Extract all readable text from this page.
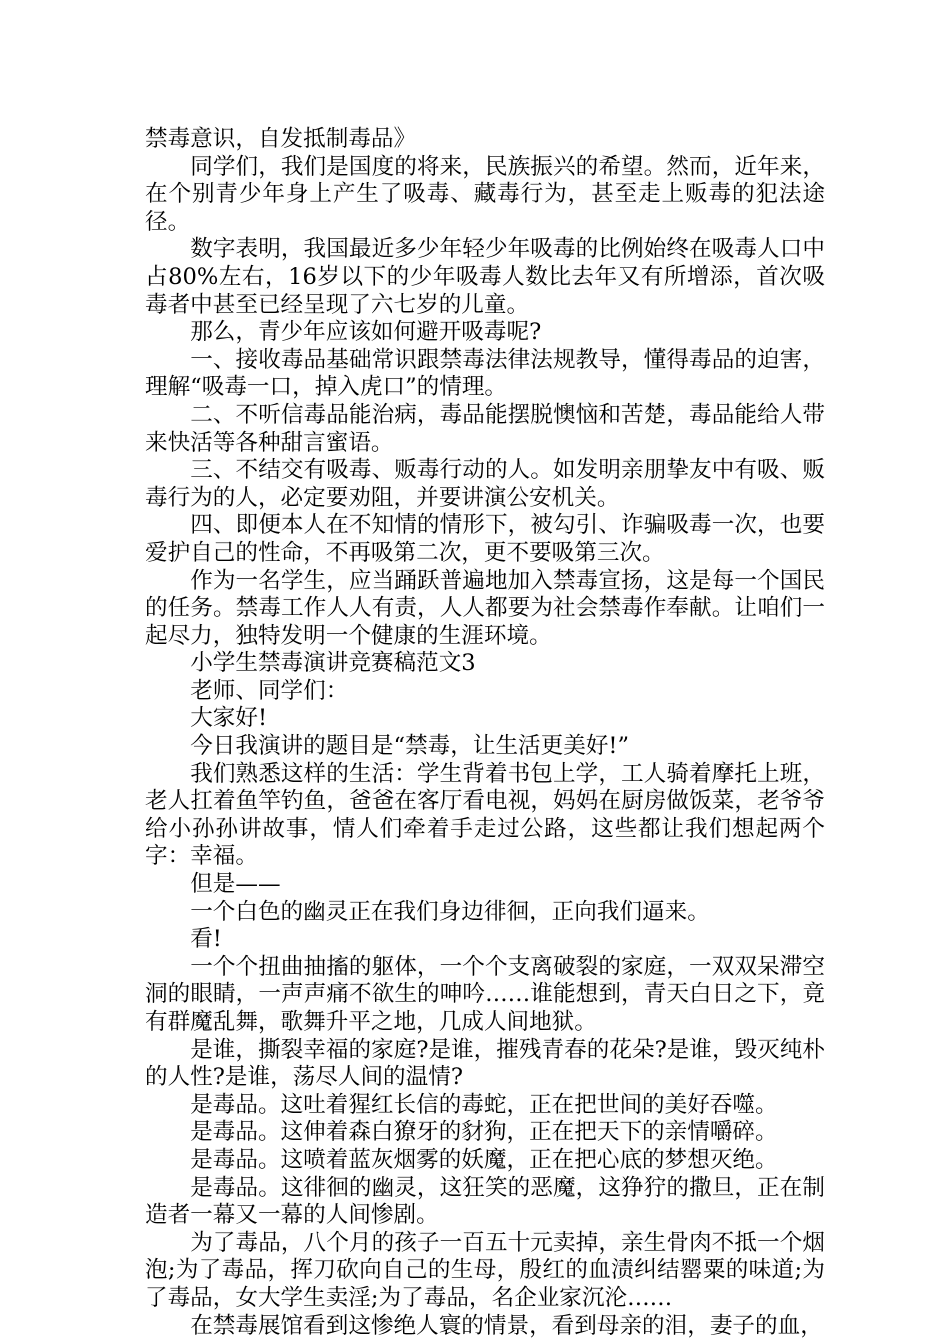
禁毒意识，自发抵制毒品》

同学们，我们是国度的将来，民族振兴的希望。然而，近年来，在个别青少年身上产生了吸毒、藏毒行为，甚至走上贩毒的犯法途径。

数字表明，我国最近多少年轻少年吸毒的比例始终在吸毒人口中占80%左右，16岁以下的少年吸毒人数比去年又有所增添，首次吸毒者中甚至已经呈现了六七岁的儿童。

那么，青少年应该如何避开吸毒呢?

一、接收毒品基础常识跟禁毒法律法规教导，懂得毒品的迫害，理解“吸毒一口，掉入虎口”的情理。

二、不听信毒品能治病，毒品能摆脱懊恼和苦楚，毒品能给人带来快活等各种甜言蜜语。

三、不结交有吸毒、贩毒行动的人。如发明亲朋挚友中有吸、贩毒行为的人，必定要劝阻，并要讲演公安机关。

四、即便本人在不知情的情形下，被勾引、诈骗吸毒一次，也要爱护自己的性命，不再吸第二次，更不要吸第三次。

作为一名学生，应当踊跃普遍地加入禁毒宣扬，这是每一个国民的任务。禁毒工作人人有责，人人都要为社会禁毒作奉献。让咱们一起尽力，独特发明一个健康的生涯环境。

小学生禁毒演讲竞赛稿范文3

老师、同学们：

大家好!

今日我演讲的题目是“禁毒，让生活更美好!”

我们熟悉这样的生活：学生背着书包上学，工人骑着摩托上班，老人扛着鱼竿钓鱼，爸爸在客厅看电视，妈妈在厨房做饭菜，老爷爷给小孙孙讲故事，情人们牵着手走过公路，这些都让我们想起两个字：幸福。

但是——

一个白色的幽灵正在我们身边徘徊，正向我们逼来。

看!

一个个扭曲抽搐的躯体，一个个支离破裂的家庭，一双双呆滞空洞的眼睛，一声声痛不欲生的呻吟……谁能想到，青天白日之下，竟有群魔乱舞，歌舞升平之地，几成人间地狱。

是谁，撕裂幸福的家庭?是谁，摧残青春的花朵?是谁，毁灭纯朴的人性?是谁，荡尽人间的温情?

是毒品。这吐着猩红长信的毒蛇，正在把世间的美好吞噬。

是毒品。这伸着森白獠牙的豺狗，正在把天下的亲情嚼碎。

是毒品。这喷着蓝灰烟雾的妖魔，正在把心底的梦想灭绝。

是毒品。这徘徊的幽灵，这狂笑的恶魔，这狰狞的撒旦，正在制造者一幕又一幕的人间惨剧。

为了毒品，八个月的孩子一百五十元卖掉，亲生骨肉不抵一个烟泡;为了毒品，挥刀砍向自己的生母，殷红的血渍纠结罂粟的味道;为了毒品，女大学生卖淫;为了毒品，名企业家沉沦……

在禁毒展馆看到这惨绝人寰的情景，看到母亲的泪，妻子的血，
